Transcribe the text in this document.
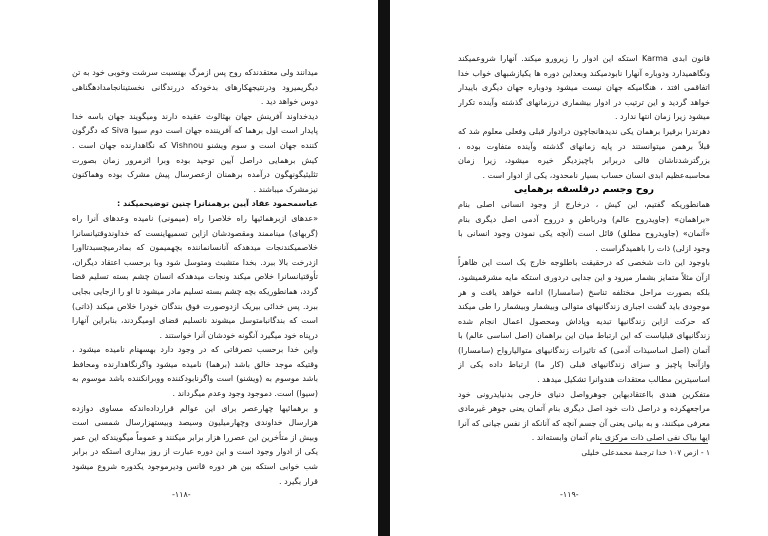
میدانند ولی معتقدندکه روح پس ازمرگ بهنسبت سرشت وخوبی خود به تن دیگریمیرود ودرنتیجهکارهای بدخودکه دررندگانی نخستینانجامدادهگناهی دوس خواهد دید .

دیدخداوند آفرینش جهان بهثالوث عقیده دارند ومیگویند جهان باسه خدا پایدار است اول برهما که آفریننده جهان است دوم سیوا Siva که دگرگون کننده جهان است و سوم ویشنو Vishnou که نگاهدارنده جهان است . کیش برهمایی دراصل آیین توحید بوده وبرا اثرمرور زمان بصورت تثلیثیگونهگون درآمده برهمنان ازعصرسال پیش مشرک بوده وهماکنون نیزمشرک میباشند .

عباسمحمود عقاد آیین برهمنانرا چنین توضیحمیکند :

«عدهای ازبرهمائیها راه خلاصرا راه (میمونی) نامیده وعدهای آنرا راه (گربهای) میناممند ومقصودشان ازاین تسمیهاینست که خداوندوقتیانسانرا خلاصمیکندنجات میدهدکه آنانسانماننده بچهمیمون که بمادرمیچسبدتااورا ازدرخت بالا ببرد. بخدا متشبث ومتوسل شود وبا برحسب اعتقاد دیگران، تأوقتیانسانرا خلاص میکند ونجات میدهدکه انسان چشم بسته تسلیم قضا گردد، همانطوریکه بچه چشم بسته تسلیم مادر میشود تا او را ازجایی بجایی ببرد. پس خدائی بیریک ازدوصورت فوق بندگان خودرا خلاص میکند (ذاتی) است که بندگانبامتوسل میشوند ناتسلیم قضای اومیگردند، بنابراین آنهارا درپناه خود میگیرد آنگونه خودشان آنرا خواستند .

واین خدا برحسب تصرفاتی که در وجود دارد بهسهنام نامیده میشود ، وقتیکه موجد خالق باشد (برهما) نامیده میشود واگرنگاهدارنده ومحافظ باشد موسوم به (ویشنو) است واگرنابودکننده ووبرانکننده باشد موسوم به (سیوا) است. دموجود وجود وعدم میگرداند .

و برهمائیها چهارعصر برای این عوالم قرارداده‌اندکه مساوی دوازده هزارسال خداوندی وچهارمیلیون وسیصد وبیستهزارسال شمسی است وبیش از متأخرین این عصررا هزار برابر میکنند و عموماً میگویندکه این عمر یکی از ادوار وجود است و این دوره عبارت از روز بیداری استکه در برابر شب خوابی استکه بین هر دوره قانس ودیرموجود یکدوره شروع میشود قرار بگیرد .

-۱۱۸-

قانون ابدی Karma استکه این ادوار را زیرورو میکند. آنهارا شروعمیکند ونگاهمیدارد ودوباره آنهارا نابودمیکند وبعداین دوره ها یکیازشبهای خواب خدا اتفاقمی افتد ، هنگامیکه جهان نیست میشود ودوباره جهان دیگری باییدار خواهد گردید و این ترتیب در ادوار بیشماری درزمانهای گذشته وآینده تکرار میشود زیرا زمان انتها ندارد .

دهرتدرا برقیرا برهمان یکی ندیدهانجاچون درادوار قبلی وفعلی معلوم شد که قبلاً برهمن میتوانستند در پایه زمانهای گذشته وآینده متفاوت بوده ، بزرگترشدناشان فالی دربرابر باچیزدیگر خیره میشود، زیرا زمان محاسبه‌عظیم ابدی انسان حساب بسیار نامحدود، یکی از ادوار است .

روح وجسم درفلسفه برهمایی

همانطوریکه گفتیم، این کیش ، درخارج از وجود انسانی اصلی بنام «براهمان» (جاویدروح عالم) ودرباطن و درروح آدمی اصل دیگری بنام «آتمان» (جاویدروح مطلق) قائل است (آنچه یکی نمودن وجود انسانی با وجود ازلی) ذات را باهمیدگراست .

باوجود این ذات شخصی که درحقیقت باطلوجه خارج یک است این ظاهراً ازآن مثلاً متمایز بشمار میرود و این جدایی دردوری استکه مایه مشرقمیشود، بلکه بصورت مراحل مختلفه تناسخ (سامسارا) ادامه خواهد یافت و هر موجودی باید گشت اجباری زندگانیهای متوالی وبیشمار وبیشمار را طی میکند که حرکت ازاین زندگانیها تبدیه وپاداش ومحصول اعمال انجام شده زندگانیهای قبلیاست که این ارتباط میان این براهمان (اصل اساسی عالم) با آتمان (اصل اساسیذات آدمی) که تاثیرات زندگانیهای متوالیارواح (سامسارا) وازآنجا پاچیز و سزای زندگانیهای قبلی (کار ما) ارتباط داده یکی از اساسیترین مطالب معتقدات هندوانرا تشکیل میدهد .

متفکرین هندی بااعتقادبهاین جوهرواصل دنیای خارجی بدنیایدرونی خود مراجعهکرده و دراصل ذات خود اصل دیگری بنام آتمان یعنی جوهر غیرمادی معرفی میکنند، و به بیانی یعنی آن جسم آنچه که آنانکه از نفس جیانی که آنرا ایها بیاک نفی اصلی ذات مرکزی بنام آتمان وابسته‌اند .

۱ - ازص ۱۰۷ خدا ترجمهٔ محمدعلی خلیلی
-۱۱۹-
